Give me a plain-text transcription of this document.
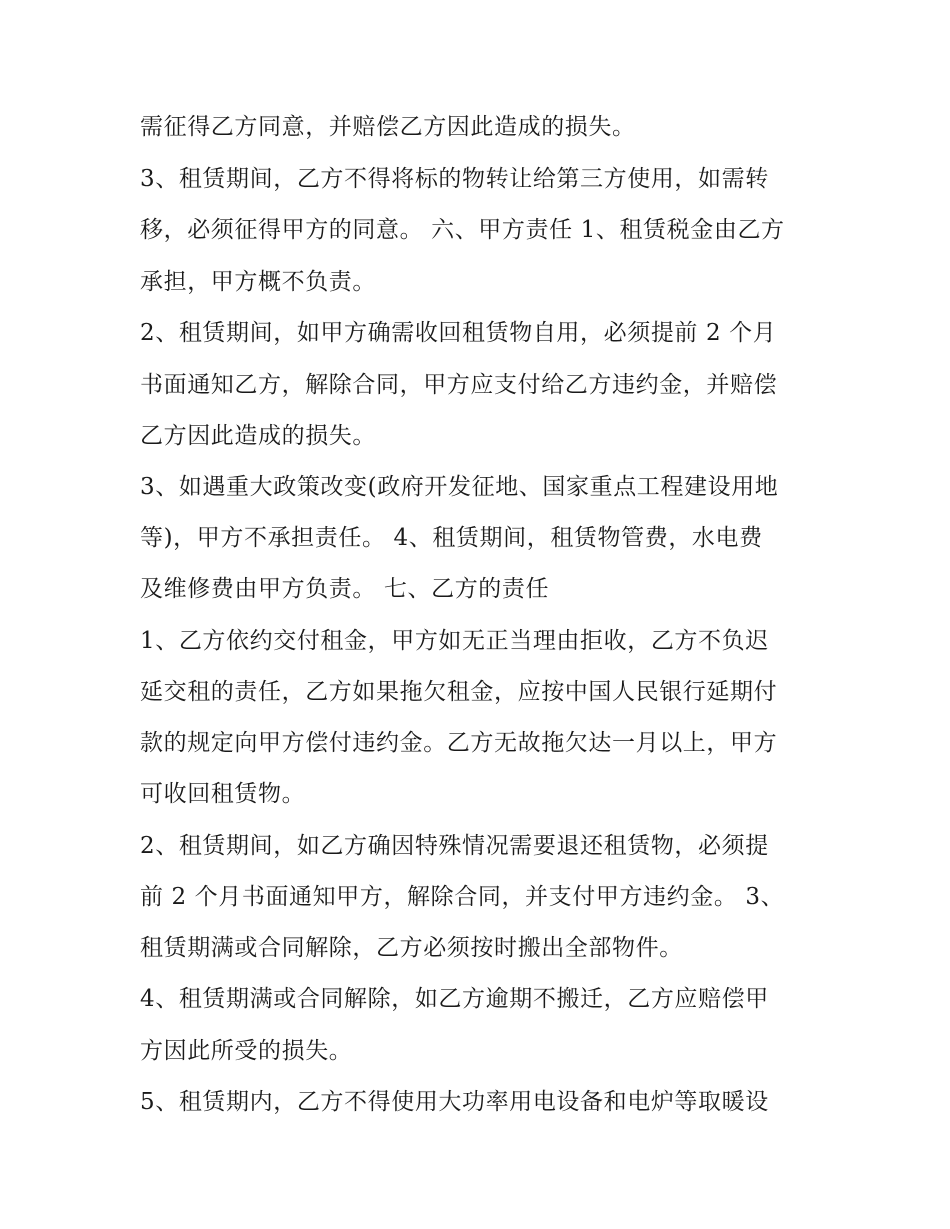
需征得乙方同意，并赔偿乙方因此造成的损失。
3、租赁期间，乙方不得将标的物转让给第三方使用，如需转
移，必须征得甲方的同意。 六、甲方责任 1、租赁税金由乙方
承担，甲方概不负责。
2、租赁期间，如甲方确需收回租赁物自用，必须提前 2 个月
书面通知乙方，解除合同，甲方应支付给乙方违约金，并赔偿
乙方因此造成的损失。
3、如遇重大政策改变(政府开发征地、国家重点工程建设用地
等)，甲方不承担责任。 4、租赁期间，租赁物管费，水电费
及维修费由甲方负责。 七、乙方的责任
1、乙方依约交付租金，甲方如无正当理由拒收，乙方不负迟
延交租的责任，乙方如果拖欠租金，应按中国人民银行延期付
款的规定向甲方偿付违约金。乙方无故拖欠达一月以上，甲方
可收回租赁物。
2、租赁期间，如乙方确因特殊情况需要退还租赁物，必须提
前 2 个月书面通知甲方，解除合同，并支付甲方违约金。 3、
租赁期满或合同解除，乙方必须按时搬出全部物件。
4、租赁期满或合同解除，如乙方逾期不搬迁，乙方应赔偿甲
方因此所受的损失。
5、租赁期内，乙方不得使用大功率用电设备和电炉等取暖设
